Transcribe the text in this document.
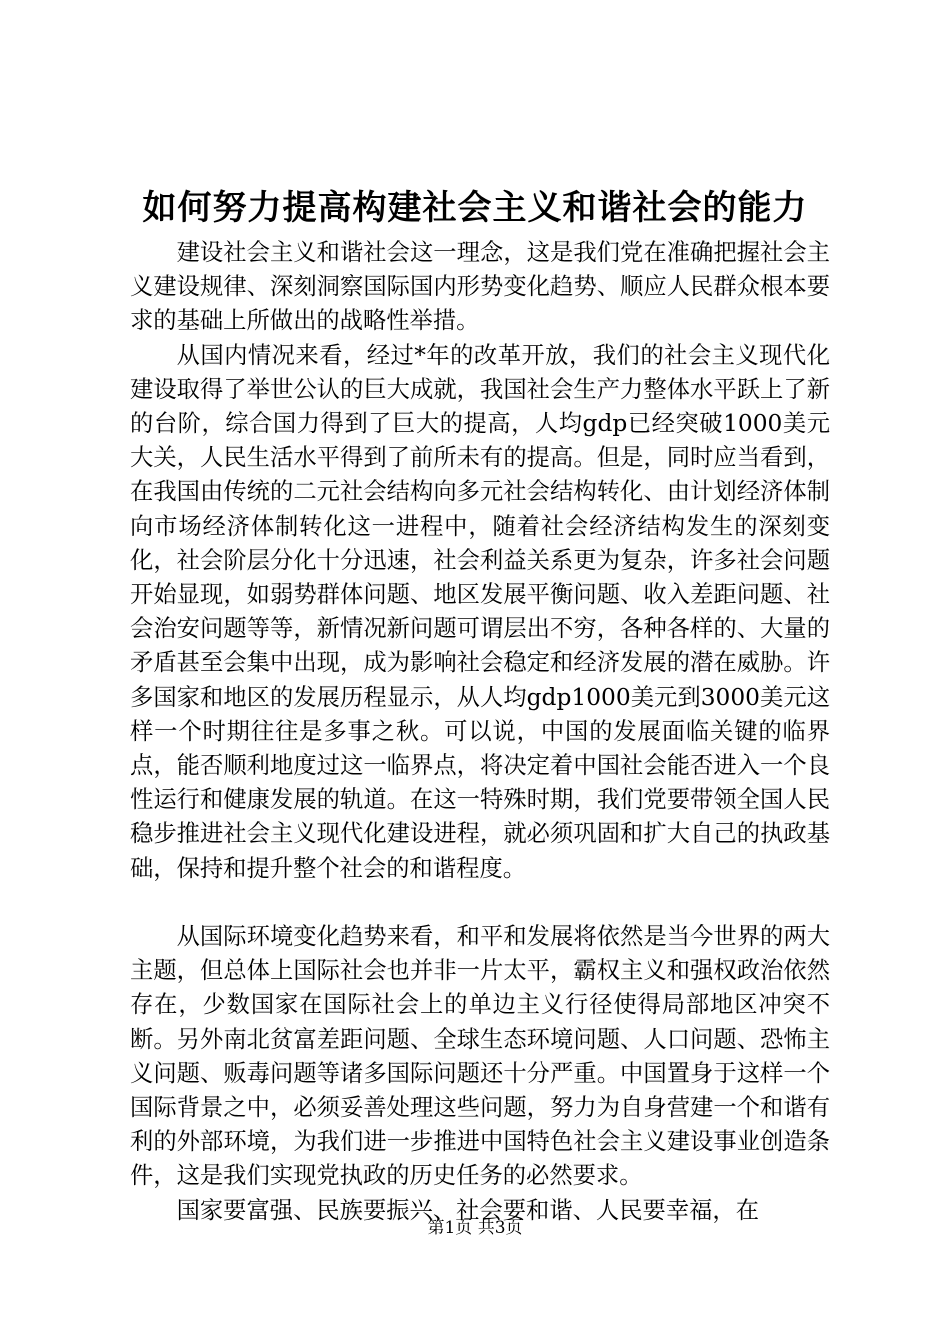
如何努力提高构建社会主义和谐社会的能力

建设社会主义和谐社会这一理念，这是我们党在准确把握社会主义建设规律、深刻洞察国际国内形势变化趋势、顺应人民群众根本要求的基础上所做出的战略性举措。

从国内情况来看，经过*年的改革开放，我们的社会主义现代化建设取得了举世公认的巨大成就，我国社会生产力整体水平跃上了新的台阶，综合国力得到了巨大的提高，人均gdp已经突破1000美元大关，人民生活水平得到了前所未有的提高。但是，同时应当看到，在我国由传统的二元社会结构向多元社会结构转化、由计划经济体制向市场经济体制转化这一进程中，随着社会经济结构发生的深刻变化，社会阶层分化十分迅速，社会利益关系更为复杂，许多社会问题开始显现，如弱势群体问题、地区发展平衡问题、收入差距问题、社会治安问题等等，新情况新问题可谓层出不穷，各种各样的、大量的矛盾甚至会集中出现，成为影响社会稳定和经济发展的潜在威胁。许多国家和地区的发展历程显示，从人均gdp1000美元到3000美元这样一个时期往往是多事之秋。可以说，中国的发展面临关键的临界点，能否顺利地度过这一临界点，将决定着中国社会能否进入一个良性运行和健康发展的轨道。在这一特殊时期，我们党要带领全国人民稳步推进社会主义现代化建设进程，就必须巩固和扩大自己的执政基础，保持和提升整个社会的和谐程度。

从国际环境变化趋势来看，和平和发展将依然是当今世界的两大主题，但总体上国际社会也并非一片太平，霸权主义和强权政治依然存在，少数国家在国际社会上的单边主义行径使得局部地区冲突不断。另外南北贫富差距问题、全球生态环境问题、人口问题、恐怖主义问题、贩毒问题等诸多国际问题还十分严重。中国置身于这样一个国际背景之中，必须妥善处理这些问题，努力为自身营建一个和谐有利的外部环境，为我们进一步推进中国特色社会主义建设事业创造条件，这是我们实现党执政的历史任务的必然要求。

国家要富强、民族要振兴、社会要和谐、人民要幸福，在

第1页 共3页
